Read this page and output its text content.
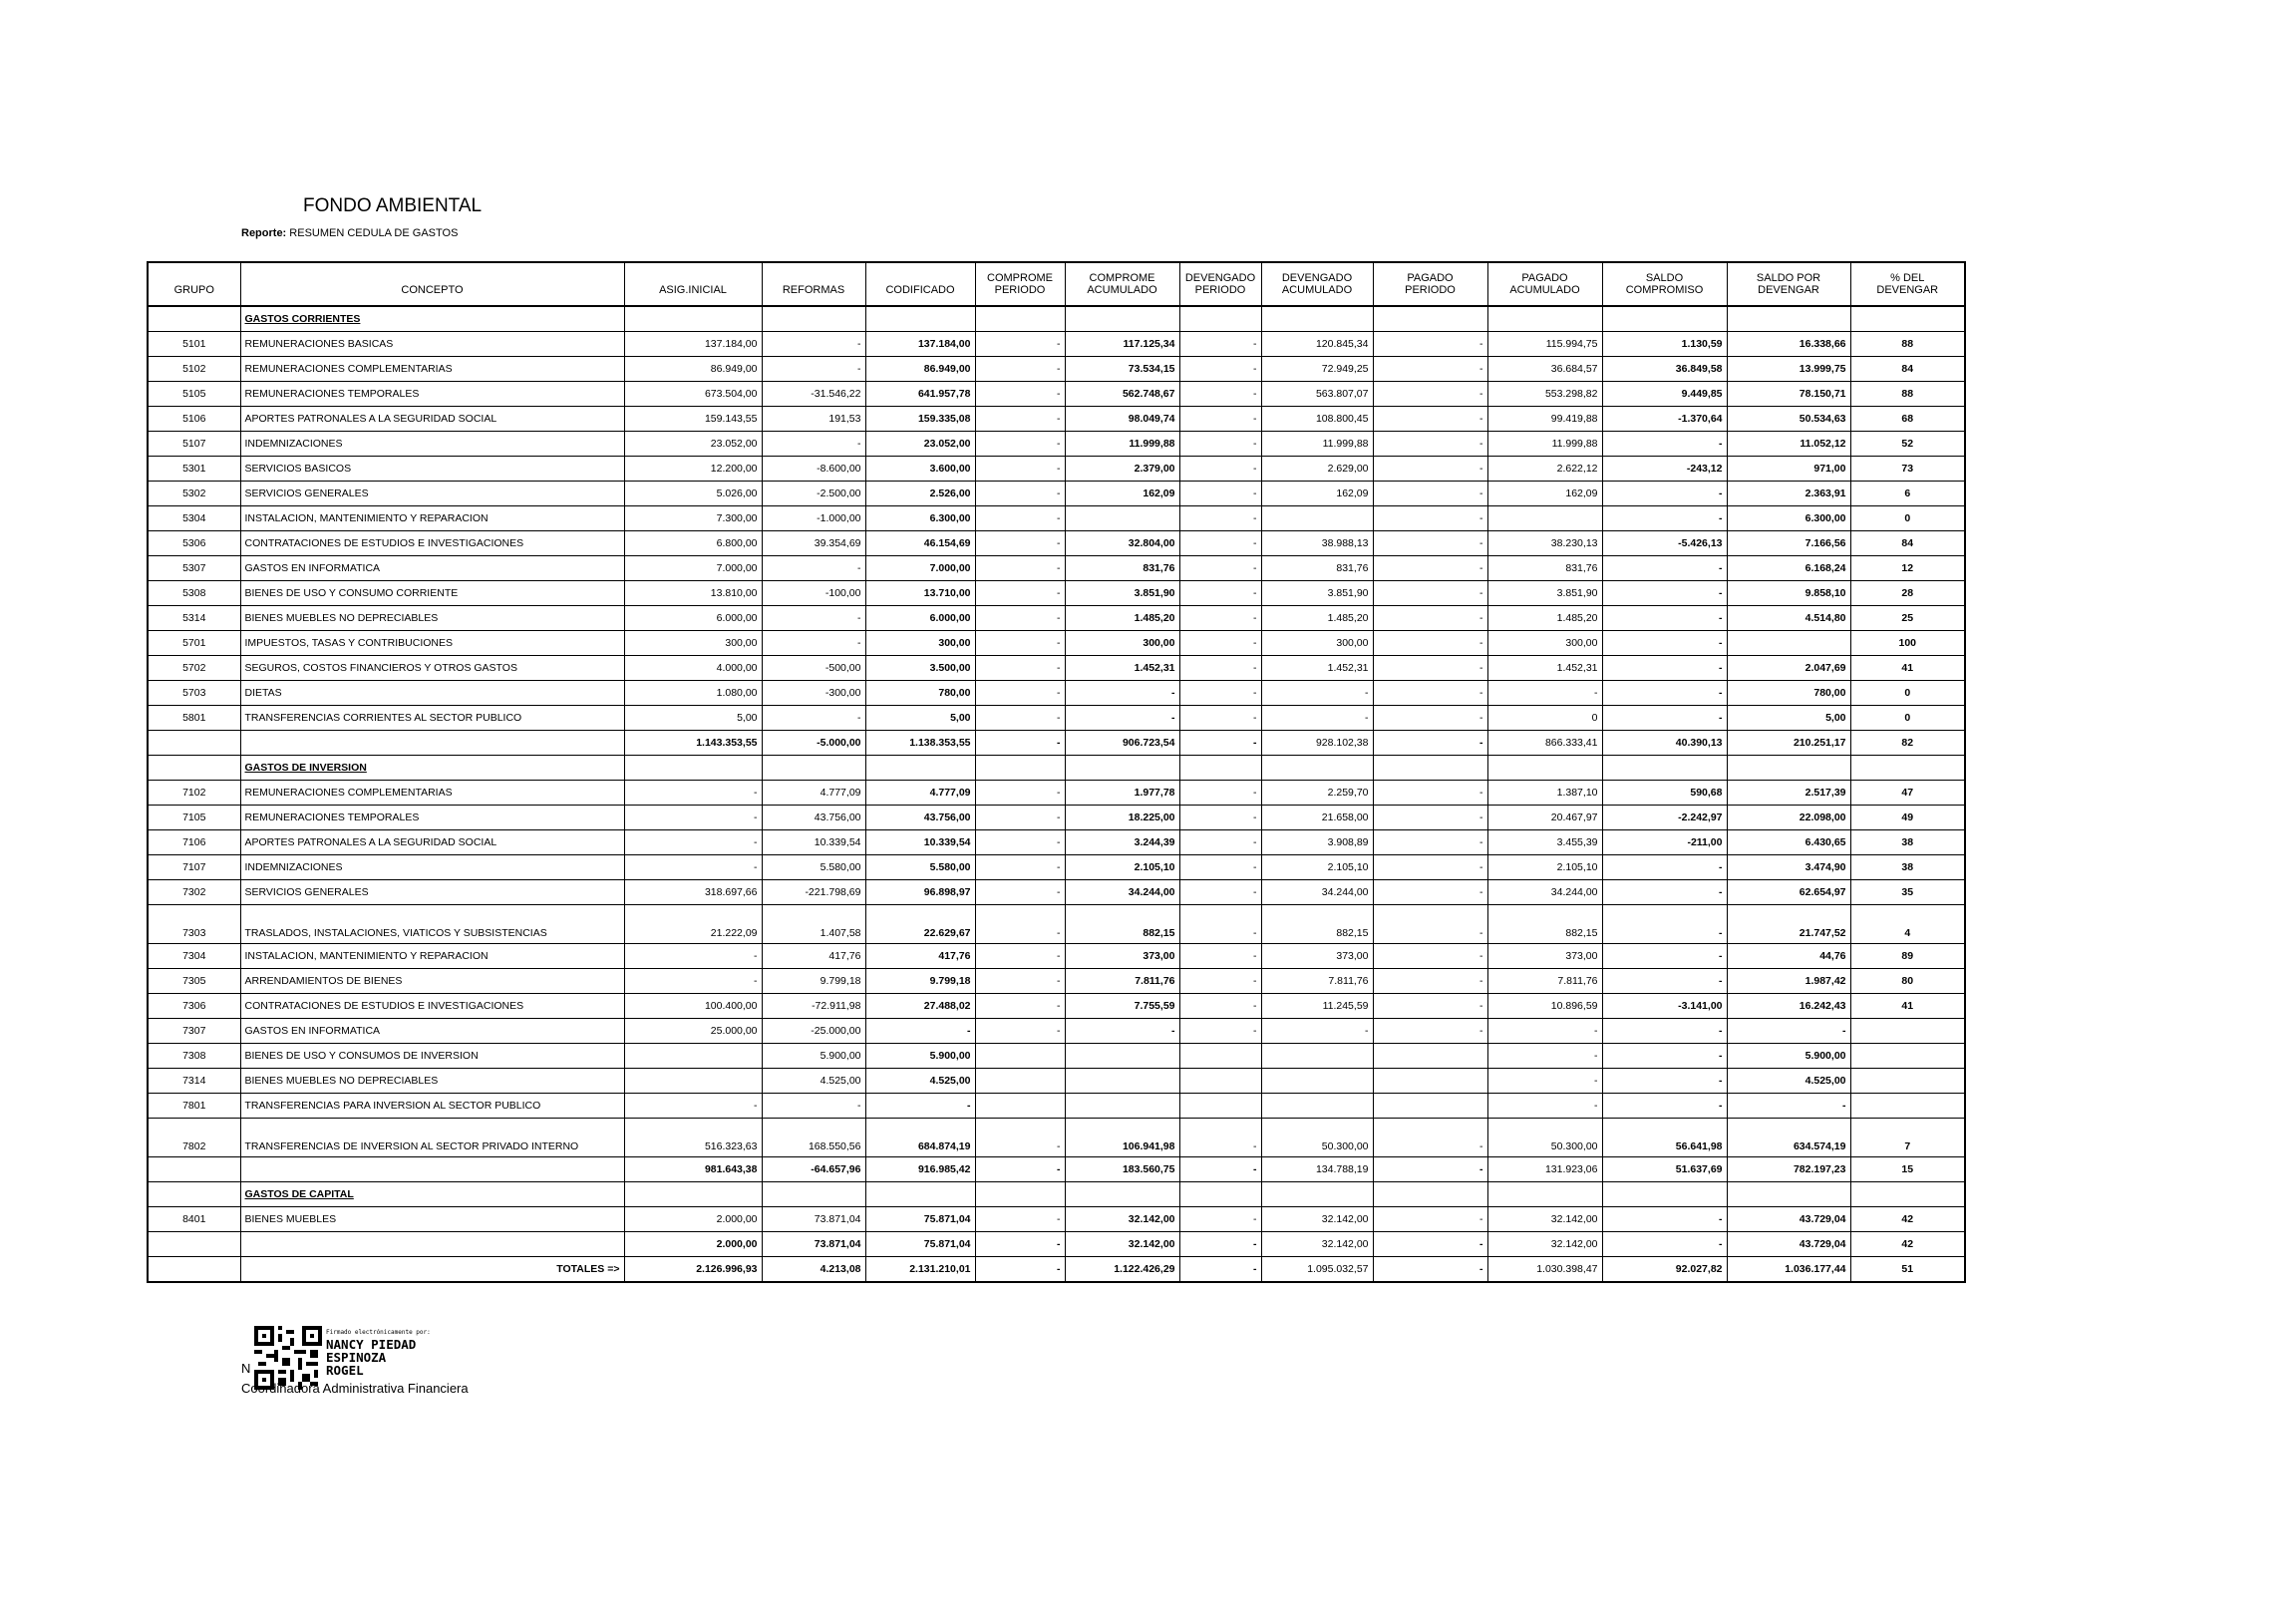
FONDO AMBIENTAL
Reporte: RESUMEN CEDULA DE GASTOS
					COMPROME	COMPROME	DEVENGADO	DEVENGADO	PAGADO	PAGADO	SALDO	SALDO POR	% DEL
GRUPO	CONCEPTO	ASIG.INICIAL	REFORMAS	CODIFICADO	PERIODO	ACUMULADO	PERIODO	ACUMULADO	PERIODO	ACUMULADO	COMPROMISO	DEVENGAR	DEVENGAR
	GASTOS CORRIENTES												
5101	REMUNERACIONES BASICAS	137.184,00	-	137.184,00	-	117.125,34	-	120.845,34	-	115.994,75	1.130,59	16.338,66	88
5102	REMUNERACIONES COMPLEMENTARIAS	86.949,00	-	86.949,00	-	73.534,15	-	72.949,25	-	36.684,57	36.849,58	13.999,75	84
5105	REMUNERACIONES TEMPORALES	673.504,00	-31.546,22	641.957,78	-	562.748,67	-	563.807,07	-	553.298,82	9.449,85	78.150,71	88
5106	APORTES PATRONALES A LA SEGURIDAD SOCIAL	159.143,55	191,53	159.335,08	-	98.049,74	-	108.800,45	-	99.419,88	-1.370,64	50.534,63	68
5107	INDEMNIZACIONES	23.052,00	-	23.052,00	-	11.999,88	-	11.999,88	-	11.999,88	-	11.052,12	52
5301	SERVICIOS BASICOS	12.200,00	-8.600,00	3.600,00	-	2.379,00	-	2.629,00	-	2.622,12	-243,12	971,00	73
5302	SERVICIOS GENERALES	5.026,00	-2.500,00	2.526,00	-	162,09	-	162,09	-	162,09	-	2.363,91	6
5304	INSTALACION, MANTENIMIENTO Y REPARACION	7.300,00	-1.000,00	6.300,00	-		-		-		-	6.300,00	0
5306	CONTRATACIONES DE ESTUDIOS E INVESTIGACIONES	6.800,00	39.354,69	46.154,69	-	32.804,00	-	38.988,13	-	38.230,13	-5.426,13	7.166,56	84
5307	GASTOS EN INFORMATICA	7.000,00	-	7.000,00	-	831,76	-	831,76	-	831,76	-	6.168,24	12
5308	BIENES DE USO Y CONSUMO CORRIENTE	13.810,00	-100,00	13.710,00	-	3.851,90	-	3.851,90	-	3.851,90	-	9.858,10	28
5314	BIENES MUEBLES NO DEPRECIABLES	6.000,00	-	6.000,00	-	1.485,20	-	1.485,20	-	1.485,20	-	4.514,80	25
5701	IMPUESTOS, TASAS Y CONTRIBUCIONES	300,00	-	300,00	-	300,00	-	300,00	-	300,00	-		100
5702	SEGUROS, COSTOS FINANCIEROS Y OTROS GASTOS	4.000,00	-500,00	3.500,00	-	1.452,31	-	1.452,31	-	1.452,31	-	2.047,69	41
5703	DIETAS	1.080,00	-300,00	780,00	-	-	-	-	-	-	-	780,00	0
5801	TRANSFERENCIAS CORRIENTES AL SECTOR PUBLICO	5,00	-	5,00	-	-	-	-	-	0	-	5,00	0
		1.143.353,55	-5.000,00	1.138.353,55	-	906.723,54	-	928.102,38	-	866.333,41	40.390,13	210.251,17	82
	GASTOS DE INVERSION												
7102	REMUNERACIONES COMPLEMENTARIAS	-	4.777,09	4.777,09	-	1.977,78	-	2.259,70	-	1.387,10	590,68	2.517,39	47
7105	REMUNERACIONES TEMPORALES	-	43.756,00	43.756,00	-	18.225,00	-	21.658,00	-	20.467,97	-2.242,97	22.098,00	49
7106	APORTES PATRONALES A LA SEGURIDAD SOCIAL	-	10.339,54	10.339,54	-	3.244,39	-	3.908,89	-	3.455,39	-211,00	6.430,65	38
7107	INDEMNIZACIONES	-	5.580,00	5.580,00	-	2.105,10	-	2.105,10	-	2.105,10	-	3.474,90	38
7302	SERVICIOS GENERALES	318.697,66	-221.798,69	96.898,97	-	34.244,00	-	34.244,00	-	34.244,00	-	62.654,97	35
7303	TRASLADOS, INSTALACIONES, VIATICOS Y SUBSISTENCIAS	21.222,09	1.407,58	22.629,67	-	882,15	-	882,15	-	882,15	-	21.747,52	4
7304	INSTALACION, MANTENIMIENTO Y REPARACION	-	417,76	417,76	-	373,00	-	373,00	-	373,00	-	44,76	89
7305	ARRENDAMIENTOS DE BIENES	-	9.799,18	9.799,18	-	7.811,76	-	7.811,76	-	7.811,76	-	1.987,42	80
7306	CONTRATACIONES DE ESTUDIOS E INVESTIGACIONES	100.400,00	-72.911,98	27.488,02	-	7.755,59	-	11.245,59	-	10.896,59	-3.141,00	16.242,43	41
7307	GASTOS EN INFORMATICA	25.000,00	-25.000,00	-	-	-	-	-	-	-	-	-	
7308	BIENES DE USO Y CONSUMOS DE INVERSION		5.900,00	5.900,00						-	-	5.900,00	
7314	BIENES MUEBLES NO DEPRECIABLES		4.525,00	4.525,00						-	-	4.525,00	
7801	TRANSFERENCIAS PARA INVERSION AL SECTOR PUBLICO	-	-	-						-	-	-	
7802	TRANSFERENCIAS DE INVERSION AL SECTOR PRIVADO INTERNO	516.323,63	168.550,56	684.874,19	-	106.941,98	-	50.300,00	-	50.300,00	56.641,98	634.574,19	7
		981.643,38	-64.657,96	916.985,42	-	183.560,75	-	134.788,19	-	131.923,06	51.637,69	782.197,23	15
	GASTOS DE CAPITAL												
8401	BIENES MUEBLES	2.000,00	73.871,04	75.871,04	-	32.142,00	-	32.142,00	-	32.142,00	-	43.729,04	42
		2.000,00	73.871,04	75.871,04	-	32.142,00	-	32.142,00	-	32.142,00	-	43.729,04	42
	TOTALES =>	2.126.996,93	4.213,08	2.131.210,01	-	1.122.426,29	-	1.095.032,57	-	1.030.398,47	92.027,82	1.036.177,44	51
Firmado electrónicamente por:
NANCY PIEDAD
ESPINOZA
ROGEL
N
Coordinadora Administrativa Financiera
